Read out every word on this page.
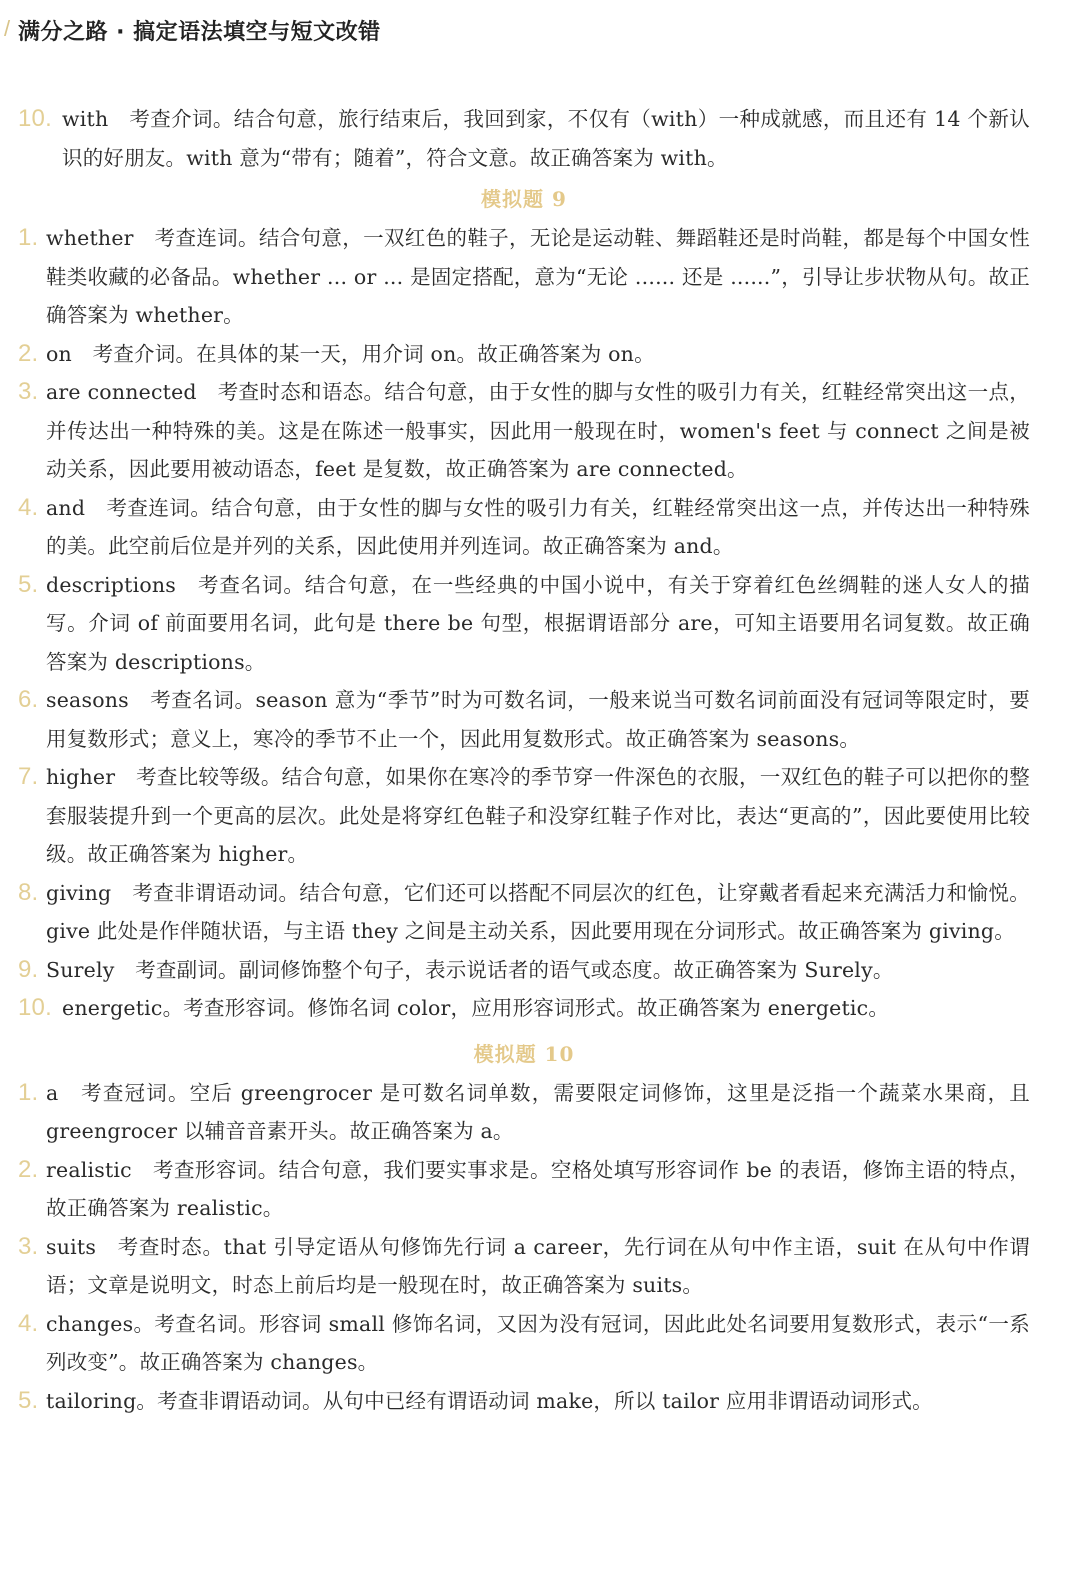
/ 满分之路 · 搞定语法填空与短文改错
10. with　考查介词。结合句意，旅行结束后，我回到家，不仅有（with）一种成就感，而且还有 14 个新认识的好朋友。with 意为“带有；随着”，符合文意。故正确答案为 with。
模拟题 9
1. whether　考查连词。结合句意，一双红色的鞋子，无论是运动鞋、舞蹈鞋还是时尚鞋，都是每个中国女性鞋类收藏的必备品。whether ... or ... 是固定搭配，意为“无论 ...... 还是 ......”，引导让步状物从句。故正确答案为 whether。
2. on　考查介词。在具体的某一天，用介词 on。故正确答案为 on。
3. are connected　考查时态和语态。结合句意，由于女性的脚与女性的吸引力有关，红鞋经常突出这一点，并传达出一种特殊的美。这是在陈述一般事实，因此用一般现在时，women's feet 与 connect 之间是被动关系，因此要用被动语态，feet 是复数，故正确答案为 are connected。
4. and　考查连词。结合句意，由于女性的脚与女性的吸引力有关，红鞋经常突出这一点，并传达出一种特殊的美。此空前后位是并列的关系，因此使用并列连词。故正确答案为 and。
5. descriptions　考查名词。结合句意，在一些经典的中国小说中，有关于穿着红色丝绸鞋的迷人女人的描写。介词 of 前面要用名词，此句是 there be 句型，根据谓语部分 are，可知主语要用名词复数。故正确答案为 descriptions。
6. seasons　考查名词。season 意为“季节”时为可数名词，一般来说当可数名词前面没有冠词等限定时，要用复数形式；意义上，寒冷的季节不止一个，因此用复数形式。故正确答案为 seasons。
7. higher　考查比较等级。结合句意，如果你在寒冷的季节穿一件深色的衣服，一双红色的鞋子可以把你的整套服装提升到一个更高的层次。此处是将穿红色鞋子和没穿红鞋子作对比，表达“更高的”，因此要使用比较级。故正确答案为 higher。
8. giving　考查非谓语动词。结合句意，它们还可以搭配不同层次的红色，让穿戴者看起来充满活力和愉悦。give 此处是作伴随状语，与主语 they 之间是主动关系，因此要用现在分词形式。故正确答案为 giving。
9. Surely　考查副词。副词修饰整个句子，表示说话者的语气或态度。故正确答案为 Surely。
10. energetic。考查形容词。修饰名词 color，应用形容词形式。故正确答案为 energetic。
模拟题 10
1. a　考查冠词。空后 greengrocer 是可数名词单数，需要限定词修饰，这里是泛指一个蔬菜水果商，且 greengrocer 以辅音音素开头。故正确答案为 a。
2. realistic　考查形容词。结合句意，我们要实事求是。空格处填写形容词作 be 的表语，修饰主语的特点，故正确答案为 realistic。
3. suits　考查时态。that 引导定语从句修饰先行词 a career，先行词在从句中作主语，suit 在从句中作谓语；文章是说明文，时态上前后均是一般现在时，故正确答案为 suits。
4. changes。考查名词。形容词 small 修饰名词，又因为没有冠词，因此此处名词要用复数形式，表示“一系列改变”。故正确答案为 changes。
5. tailoring。考查非谓语动词。从句中已经有谓语动词 make，所以 tailor 应用非谓语动词形式。
